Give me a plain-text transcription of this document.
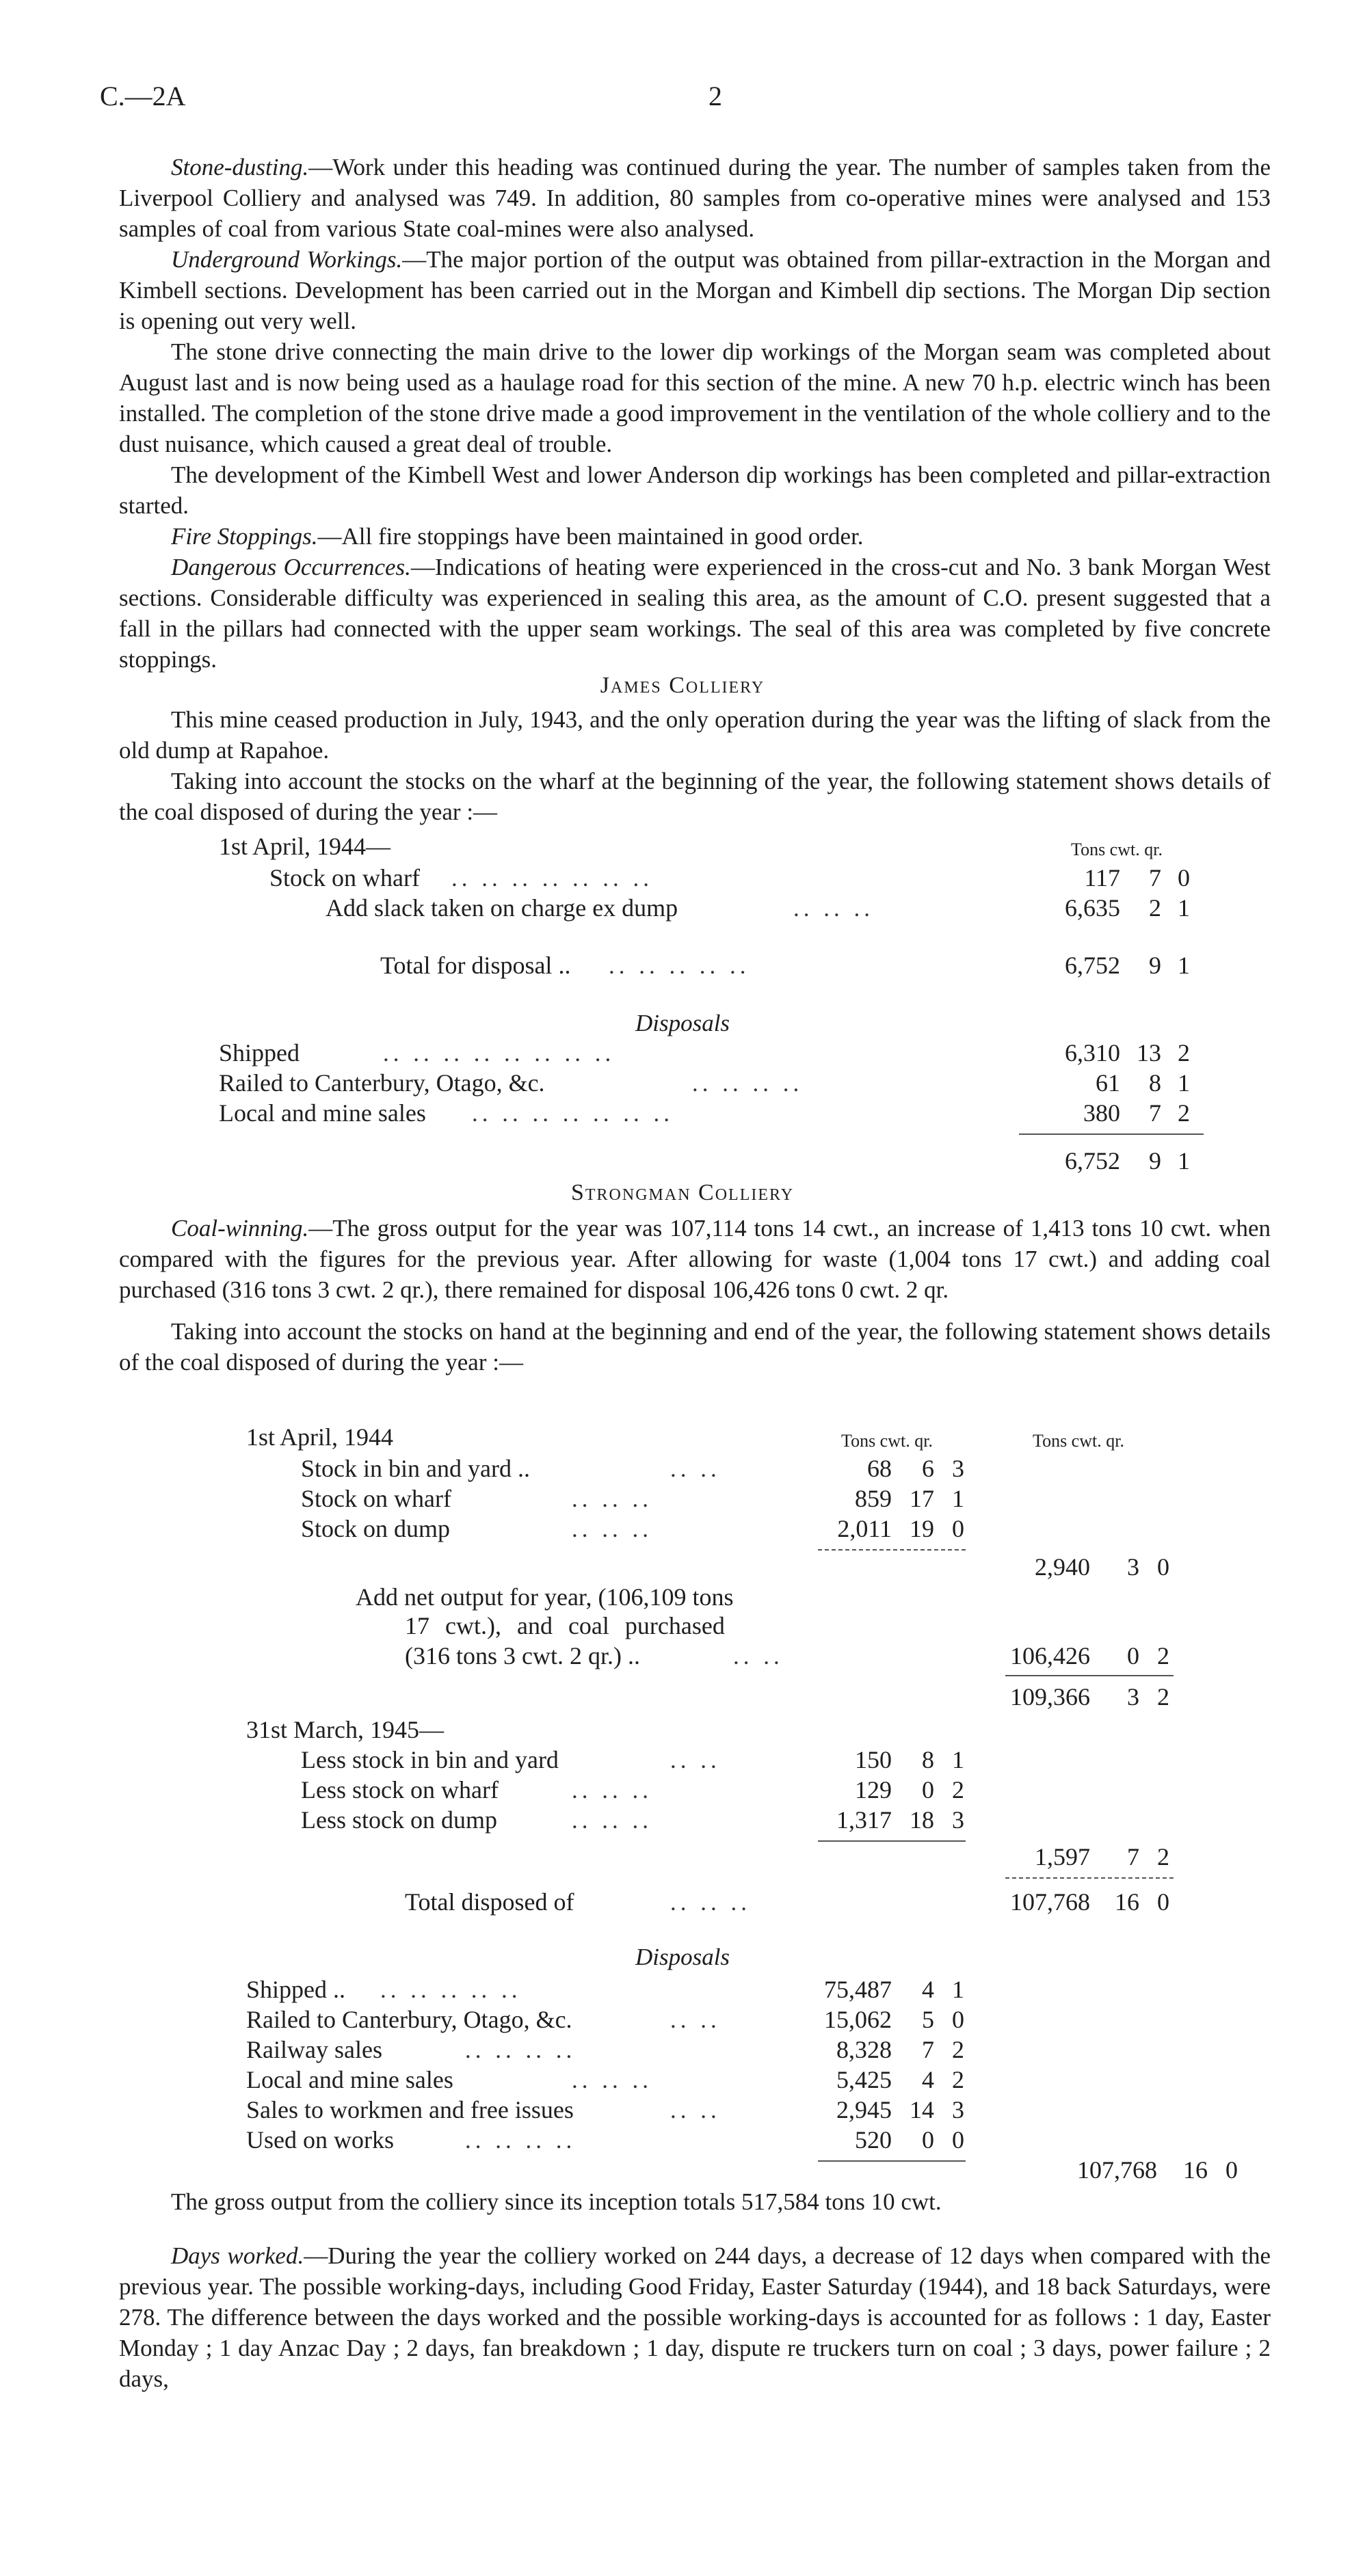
C.—2A	2

Stone-dusting.—Work under this heading was continued during the year. The number of samples taken from the Liverpool Colliery and analysed was 749. In addition, 80 samples from co-operative mines were analysed and 153 samples of coal from various State coal-mines were also analysed.

Underground Workings.—The major portion of the output was obtained from pillar-extraction in the Morgan and Kimbell sections. Development has been carried out in the Morgan and Kimbell dip sections. The Morgan Dip section is opening out very well.

The stone drive connecting the main drive to the lower dip workings of the Morgan seam was completed about August last and is now being used as a haulage road for this section of the mine. A new 70 h.p. electric winch has been installed. The completion of the stone drive made a good improvement in the ventilation of the whole colliery and to the dust nuisance, which caused a great deal of trouble.

The development of the Kimbell West and lower Anderson dip workings has been completed and pillar-extraction started.

Fire Stoppings.—All fire stoppings have been maintained in good order.

Dangerous Occurrences.—Indications of heating were experienced in the cross-cut and No. 3 bank Morgan West sections. Considerable difficulty was experienced in sealing this area, as the amount of C.O. present suggested that a fall in the pillars had connected with the upper seam workings. The seal of this area was completed by five concrete stoppings.

James Colliery

This mine ceased production in July, 1943, and the only operation during the year was the lifting of slack from the old dump at Rapahoe.

Taking into account the stocks on the wharf at the beginning of the year, the following statement shows details of the coal disposed of during the year :—

Tons cwt. qr.
1st April, 1944—
Stock on wharf .. .. .. .. .. .. ..	117 7 0
Add slack taken on charge ex dump	.. .. ..	6,635 2 1
Total for disposal .. .. .. .. .. ..	6,752 9 1
Disposals
Shipped	.. .. .. .. .. .. .. ..	6,310 13 2
Railed to Canterbury, Otago, &c.	.. .. .. ..	61 8 1
Local and mine sales .. .. .. .. .. .. ..	380 7 2
6,752 9 1
Strongman Colliery

Coal-winning.—The gross output for the year was 107,114 tons 14 cwt., an increase of 1,413 tons 10 cwt. when compared with the figures for the previous year. After allowing for waste (1,004 tons 17 cwt.) and adding coal purchased (316 tons 3 cwt. 2 qr.), there remained for disposal 106,426 tons 0 cwt. 2 qr.

Taking into account the stocks on hand at the beginning and end of the year, the following statement shows details of the coal disposed of during the year :—

Tons cwt. qr.	Tons cwt. qr.
1st April, 1944
Stock in bin and yard ..	.. ..	68 6 3
Stock on wharf	.. .. ..	859 17 1
Stock on dump	.. .. ..	2,011 19 0
2,940 3 0
Add net output for year, (106,109 tons
17 cwt.), and coal purchased
(316 tons 3 cwt. 2 qr.) ..	.. ..	106,426 0 2
109,366 3 2
31st March, 1945—
Less stock in bin and yard	.. ..	150 8 1
Less stock on wharf	.. .. ..	129 0 2
Less stock on dump	.. .. ..	1,317 18 3
1,597 7 2
Total disposed of	.. .. ..	107,768 16 0
Disposals
Shipped .. .. .. .. .. ..	75,487 4 1
Railed to Canterbury, Otago, &c.	.. ..	15,062 5 0
Railway sales	.. .. .. ..	8,328 7 2
Local and mine sales	.. .. ..	5,425 4 2
Sales to workmen and free issues	.. ..	2,945 14 3
Used on works	.. .. .. ..	520 0 0
107,768 16 0

The gross output from the colliery since its inception totals 517,584 tons 10 cwt.

Days worked.—During the year the colliery worked on 244 days, a decrease of 12 days when compared with the previous year. The possible working-days, including Good Friday, Easter Saturday (1944), and 18 back Saturdays, were 278. The difference between the days worked and the possible working-days is accounted for as follows : 1 day, Easter Monday ; 1 day Anzac Day ; 2 days, fan breakdown ; 1 day, dispute re truckers turn on coal ; 3 days, power failure ; 2 days,
